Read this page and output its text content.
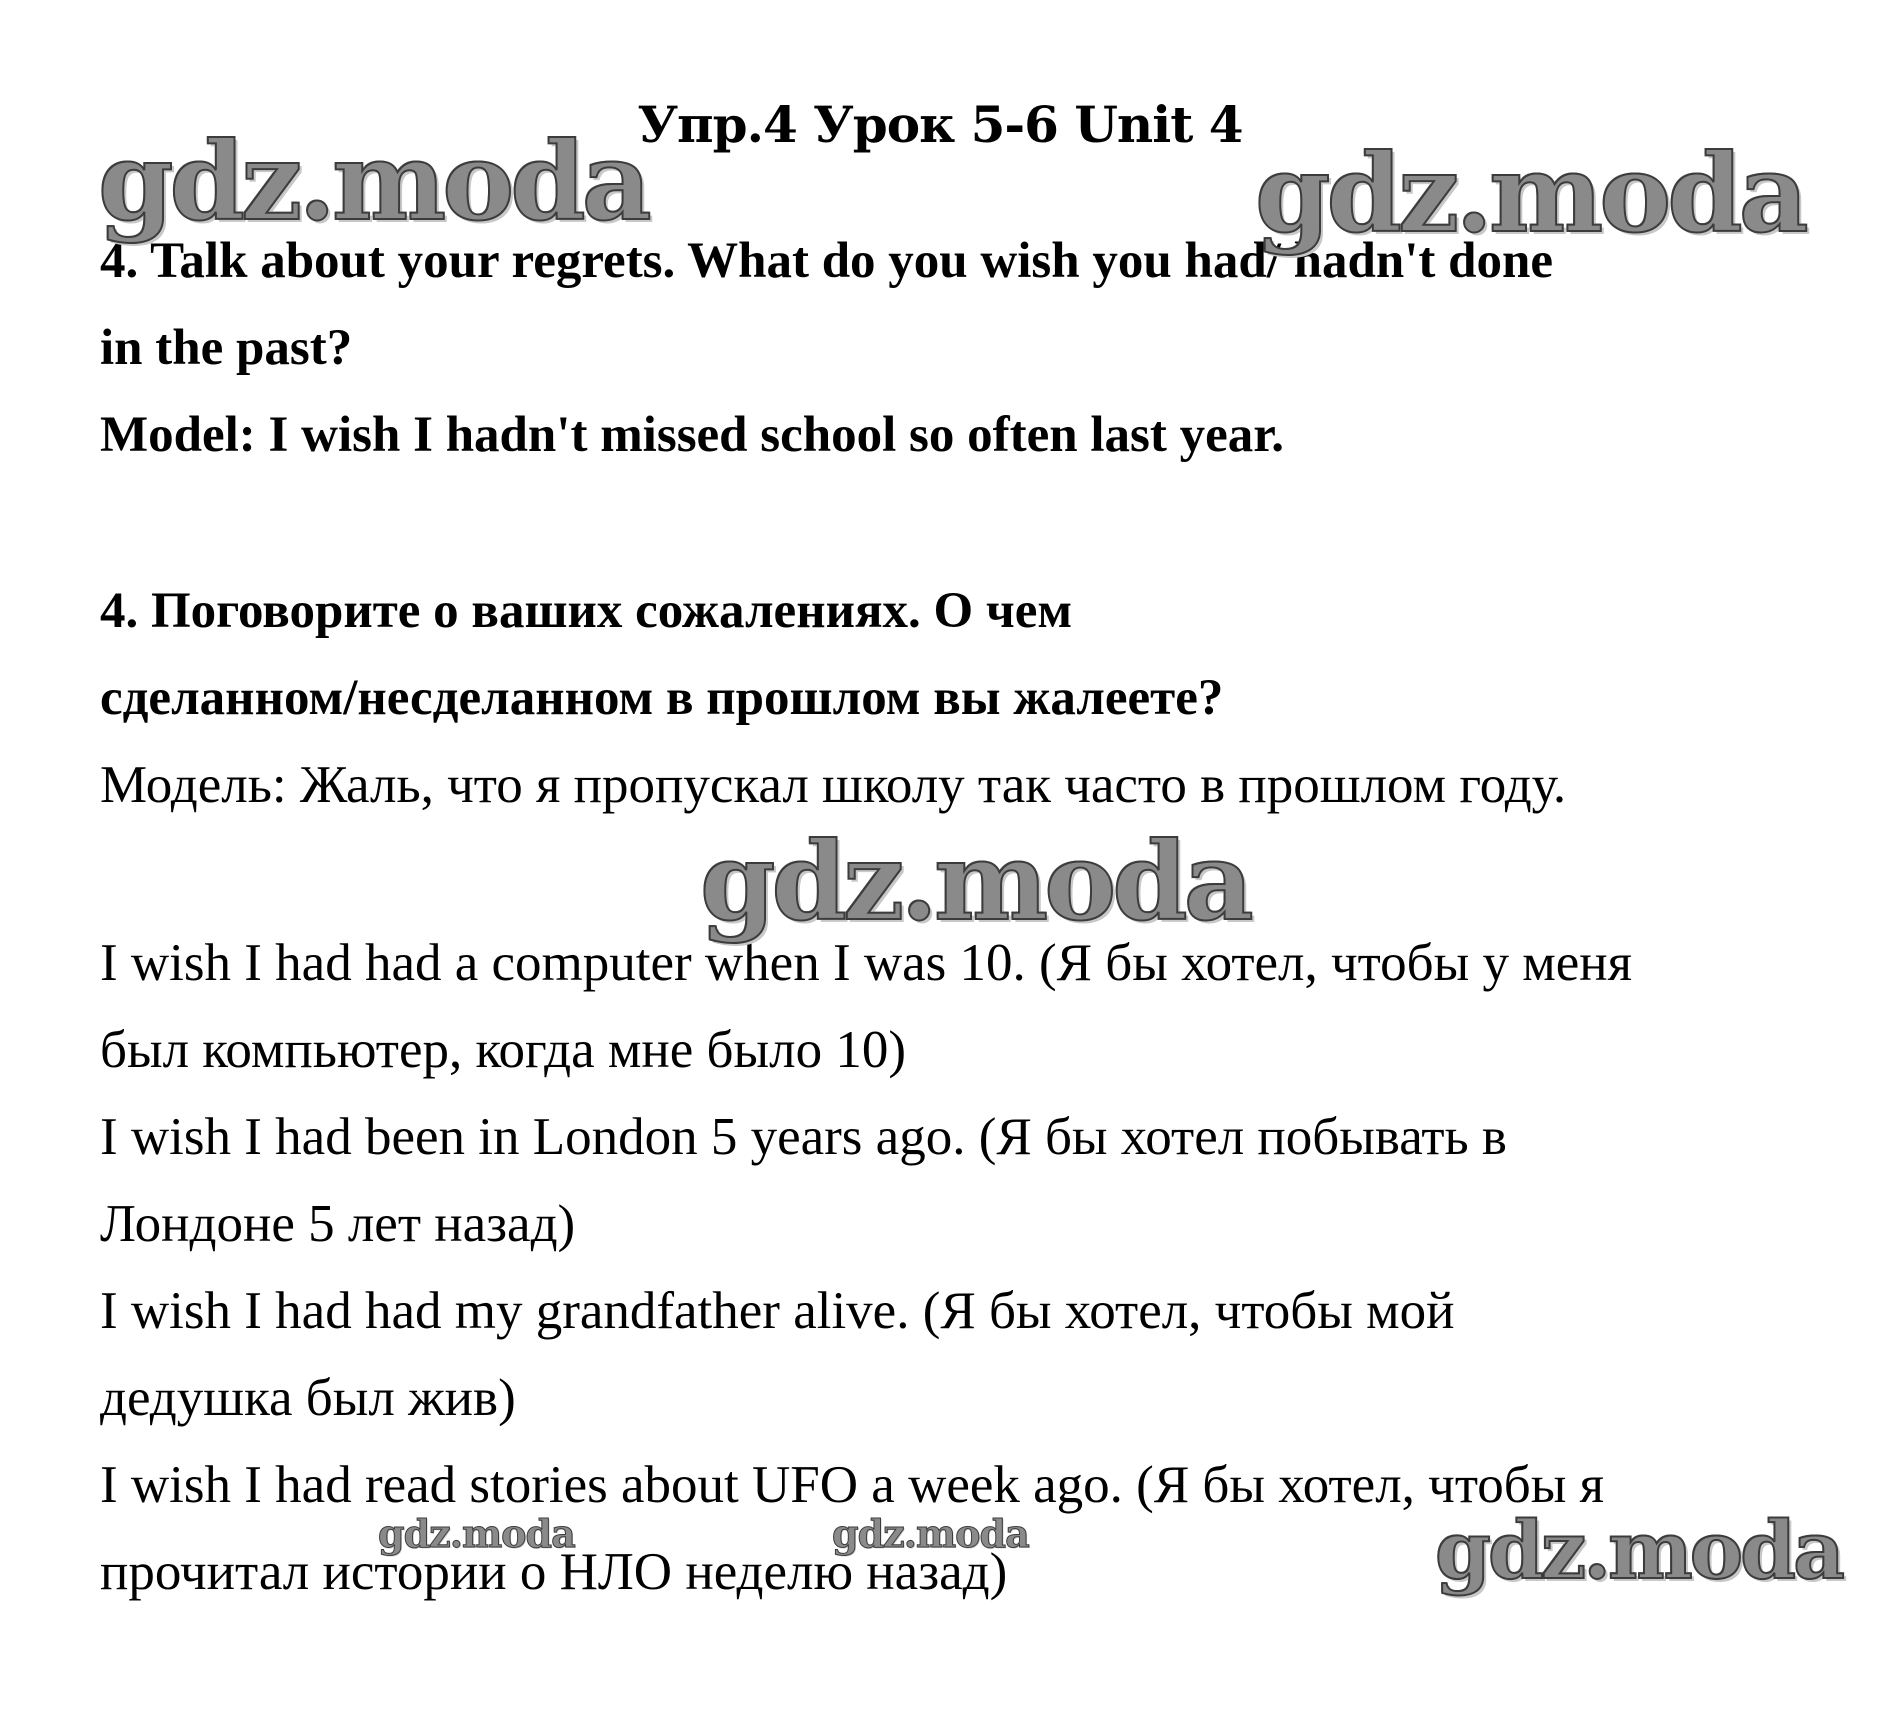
Упр.4 Урок 5-6 Unit 4
4. Talk about your regrets. What do you wish you had/ hadn't done
in the past?
Model: I wish I hadn't missed school so often last year.
4. Поговорите о ваших сожалениях. О чем
сделанном/несделанном в прошлом вы жалеете?
Модель: Жаль, что я пропускал школу так часто в прошлом году.
I wish I had had a computer when I was 10. (Я бы хотел, чтобы у меня
был компьютер, когда мне было 10)
I wish I had been in London 5 years ago. (Я бы хотел побывать в
Лондоне 5 лет назад)
I wish I had had my grandfather alive. (Я бы хотел, чтобы мой
дедушка был жив)
I wish I had read stories about UFO a week ago. (Я бы хотел, чтобы я
прочитал истории о НЛО неделю назад)
gdz.moda	gdz.moda
gdz.moda
gdz.moda	gdz.moda	gdz.moda
